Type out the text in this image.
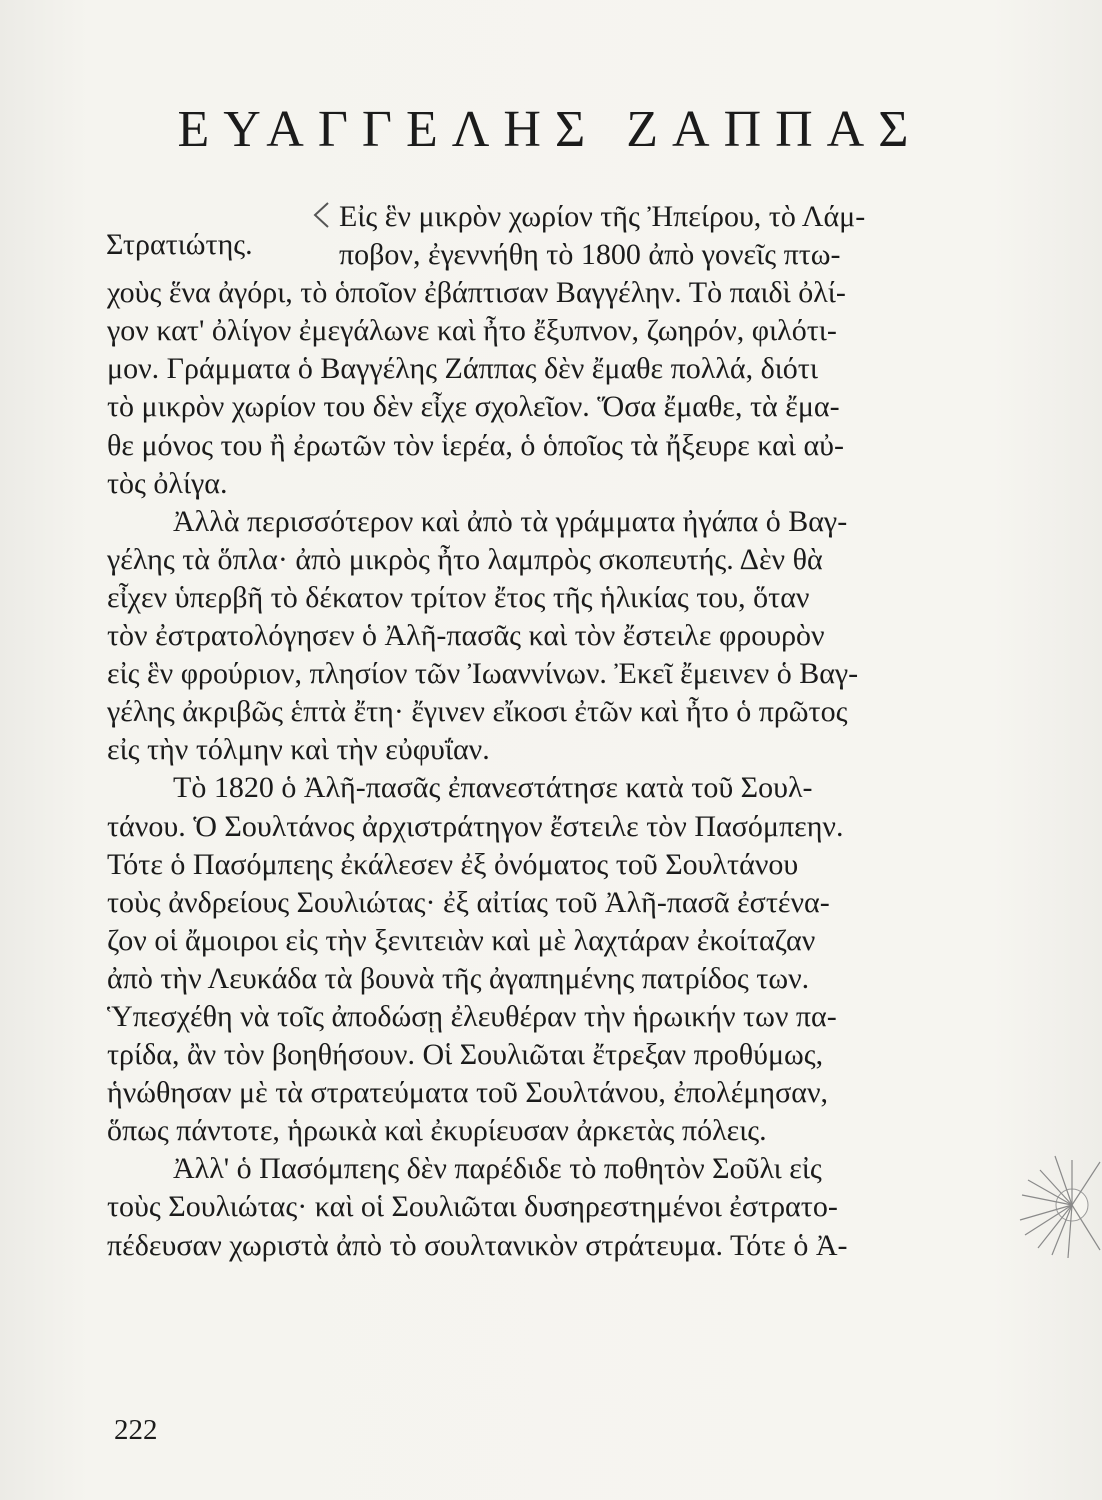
ΕΥΑΓΓΕΛΗΣ ΖΑΠΠΑΣ
Στρατιώτης.
Εἰς ἓν μικρὸν χωρίον τῆς Ἠπείρου, τὸ Λάμ-
ποβον, ἐγεννήθη τὸ 1800 ἀπὸ γονεῖς πτω-
χοὺς ἕνα ἀγόρι, τὸ ὁποῖον ἐβάπτισαν Βαγγέλην. Τὸ παιδὶ ὀλί-
γον κατ' ὀλίγον ἐμεγάλωνε καὶ ἦτο ἔξυπνον, ζωηρόν, φιλότι-
μον. Γράμματα ὁ Βαγγέλης Ζάππας δὲν ἔμαθε πολλά, διότι
τὸ μικρὸν χωρίον του δὲν εἶχε σχολεῖον. Ὅσα ἔμαθε, τὰ ἔμα-
θε μόνος του ἢ ἐρωτῶν τὸν ἱερέα, ὁ ὁποῖος τὰ ἤξευρε καὶ αὐ-
τὸς ὀλίγα.
Ἀλλὰ περισσότερον καὶ ἀπὸ τὰ γράμματα ἠγάπα ὁ Βαγ-
γέλης τὰ ὅπλα· ἀπὸ μικρὸς ἦτο λαμπρὸς σκοπευτής. Δὲν θὰ
εἶχεν ὑπερβῆ τὸ δέκατον τρίτον ἔτος τῆς ἡλικίας του, ὅταν
τὸν ἐστρατολόγησεν ὁ Ἀλῆ-πασᾶς καὶ τὸν ἔστειλε φρουρὸν
εἰς ἓν φρούριον, πλησίον τῶν Ἰωαννίνων. Ἐκεῖ ἔμεινεν ὁ Βαγ-
γέλης ἀκριβῶς ἑπτὰ ἔτη· ἔγινεν εἴκοσι ἐτῶν καὶ ἦτο ὁ πρῶτος
εἰς τὴν τόλμην καὶ τὴν εὐφυΐαν.
Τὸ 1820 ὁ Ἀλῆ-πασᾶς ἐπανεστάτησε κατὰ τοῦ Σουλ-
τάνου. Ὁ Σουλτάνος ἀρχιστράτηγον ἔστειλε τὸν Πασόμπεην.
Τότε ὁ Πασόμπεης ἐκάλεσεν ἐξ ὀνόματος τοῦ Σουλτάνου
τοὺς ἀνδρείους Σουλιώτας· ἐξ αἰτίας τοῦ Ἀλῆ-πασᾶ ἐστένα-
ζον οἱ ἄμοιροι εἰς τὴν ξενιτειὰν καὶ μὲ λαχτάραν ἐκοίταζαν
ἀπὸ τὴν Λευκάδα τὰ βουνὰ τῆς ἀγαπημένης πατρίδος των.
Ὑπεσχέθη νὰ τοῖς ἀποδώσῃ ἐλευθέραν τὴν ἡρωικήν των πα-
τρίδα, ἂν τὸν βοηθήσουν. Οἱ Σουλιῶται ἔτρεξαν προθύμως,
ἡνώθησαν μὲ τὰ στρατεύματα τοῦ Σουλτάνου, ἐπολέμησαν,
ὅπως πάντοτε, ἡρωικὰ καὶ ἐκυρίευσαν ἀρκετὰς πόλεις.
Ἀλλ' ὁ Πασόμπεης δὲν παρέδιδε τὸ ποθητὸν Σοῦλι εἰς
τοὺς Σουλιώτας· καὶ οἱ Σουλιῶται δυσηρεστημένοι ἐστρατο-
πέδευσαν χωριστὰ ἀπὸ τὸ σουλτανικὸν στράτευμα. Τότε ὁ Ἀ-
222
